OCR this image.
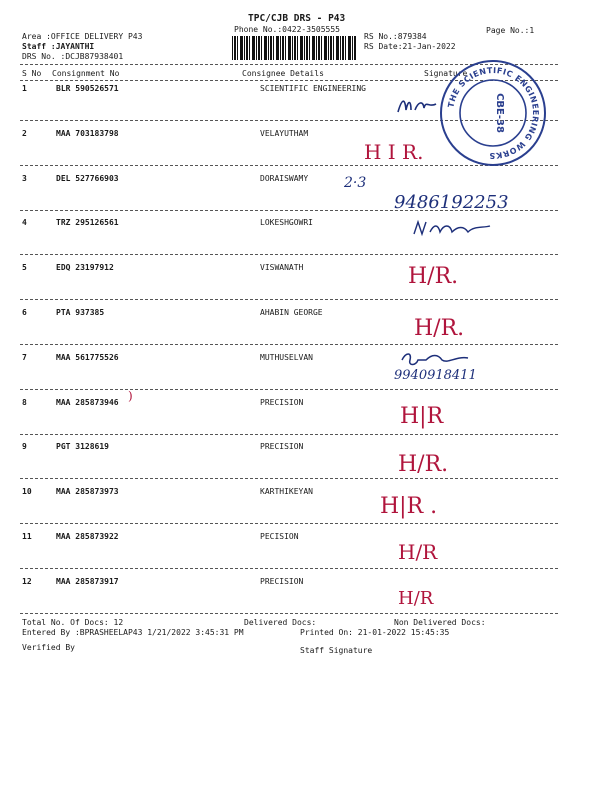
TPC/CJB DRS - P43
Phone No.:0422-3505555
Area :OFFICE DELIVERY P43
Staff :JAYANTHI
DRS No. :DCJB87938401
RS No.:879384
RS Date:21-Jan-2022
Page No.:1
S No Consignment No	Consignee Details	Signature
1	BLR 590526571	SCIENTIFIC ENGINEERING
2	MAA 703183798	VELAYUTHAM
3	DEL 527766903	DORAISWAMY
4	TRZ 295126561	LOKESHGOWRI
5	EDQ 23197912	VISWANATH
6	PTA 937385	AHABIN GEORGE
7	MAA 561775526	MUTHUSELVAN
8	MAA 285873946	PRECISION
9	PGT 3128619	PRECISION
10	MAA 285873973	KARTHIKEYAN
11	MAA 285873922	PECISION
12	MAA 285873917	PRECISION
H I R.
2·3
9486192253
H/R.
H/R.
9940918411
H|R
H/R.
H|R .
H/R
H/R
)
THE SCIENTIFIC ENGINEERING WORKS
CBE-38
Total No. Of Docs: 12	Delivered Docs:	Non Delivered Docs:
Entered By :BPRASHEELAP43 1/21/2022 3:45:31 PM	Printed On: 21-01-2022 15:45:35
Verified By	Staff Signature
